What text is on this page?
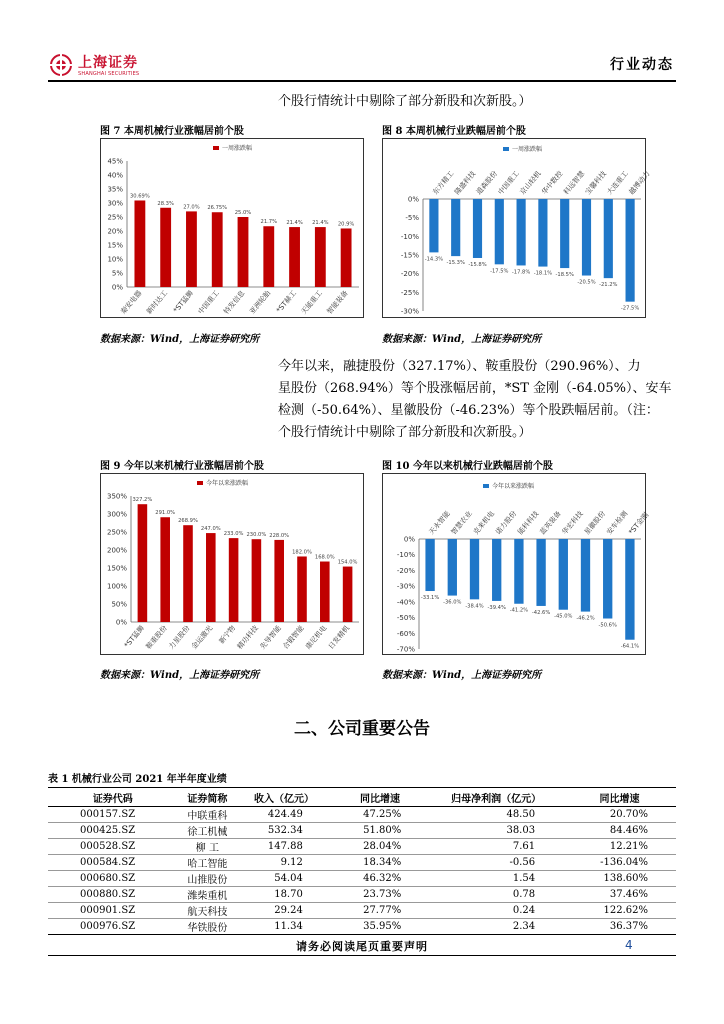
上海证券
SHANGHAI SECURITIES
行业动态
个股行情统计中剔除了部分新股和次新股。）
图 7 本周机械行业涨幅居前个股	图 8 本周机械行业跌幅居前个股
一周涨跌幅
45%
40%
35%
30%
25%
20%
15%
10%
5%
0%
30.69%
秦安电器
28.3%
新时达工
27.0%
*ST猛狮
26.75%
中国重工
25.0%
特发信息
21.7%
亚洲轮胎
21.4%
*ST赫工
21.4%
天能重工
20.9%
智能装备
一周涨跌幅
0%
-5%
-10%
-15%
-20%
-25%
-30%
-14.3%
东方精工
-15.3%
隆盛科技
-15.8%
道森股份
-17.5%
中国重工
-17.8%
京山轻机
-18.1%
华中数控
-18.5%
科远智慧
-20.5%
宝馨科技
-21.2%
大连重工
-27.5%
越博动力
数据来源：Wind，上海证券研究所	数据来源：Wind，上海证券研究所
今年以来，融捷股份（327.17%）、鞍重股份（290.96%）、力
星股份（268.94%）等个股涨幅居前，*ST 金刚（-64.05%）、安车
检测（-50.64%）、星徽股份（-46.23%）等个股跌幅居前。（注：
个股行情统计中剔除了部分新股和次新股。）
图 9 今年以来机械行业涨幅居前个股	图 10 今年以来机械行业跌幅居前个股
今年以来涨跌幅
350%
300%
250%
200%
150%
100%
50%
0%
327.2%
*ST猛狮
291.0%
鞍重股份
268.9%
力星股份
247.0%
金运激光
233.0%
新宁物
230.0%
精功科技
228.0%
先导智能
182.0%
合锻智能
168.0%
康尼机电
154.0%
日发精机
今年以来涨跌幅
0%
-10%
-20%
-30%
-40%
-50%
-60%
-70%
-33.1%
天永智能
-36.0%
智慧农业
-38.4%
克来机电
-39.4%
诺力股份
-41.2%
能科科技
-42.6%
蓝英装备
-45.0%
华宏科技
-46.2%
星徽股份
-50.6%
安车检测
-64.1%
*ST金刚
数据来源：Wind，上海证券研究所	数据来源：Wind，上海证券研究所
二、公司重要公告
表 1 机械行业公司 2021 年半年度业绩
证券代码	证券简称	收入（亿元）	同比增速	归母净利润（亿元）	同比增速
000157.SZ	中联重科	424.49	47.25%	48.50	20.70%
000425.SZ	徐工机械	532.34	51.80%	38.03	84.46%
000528.SZ	柳 工	147.88	28.04%	7.61	12.21%
000584.SZ	哈工智能	9.12	18.34%	-0.56	-136.04%
000680.SZ	山推股份	54.04	46.32%	1.54	138.60%
000880.SZ	潍柴重机	18.70	23.73%	0.78	37.46%
000901.SZ	航天科技	29.24	27.77%	0.24	122.62%
000976.SZ	华铁股份	11.34	35.95%	2.34	36.37%
请务必阅读尾页重要声明	4
